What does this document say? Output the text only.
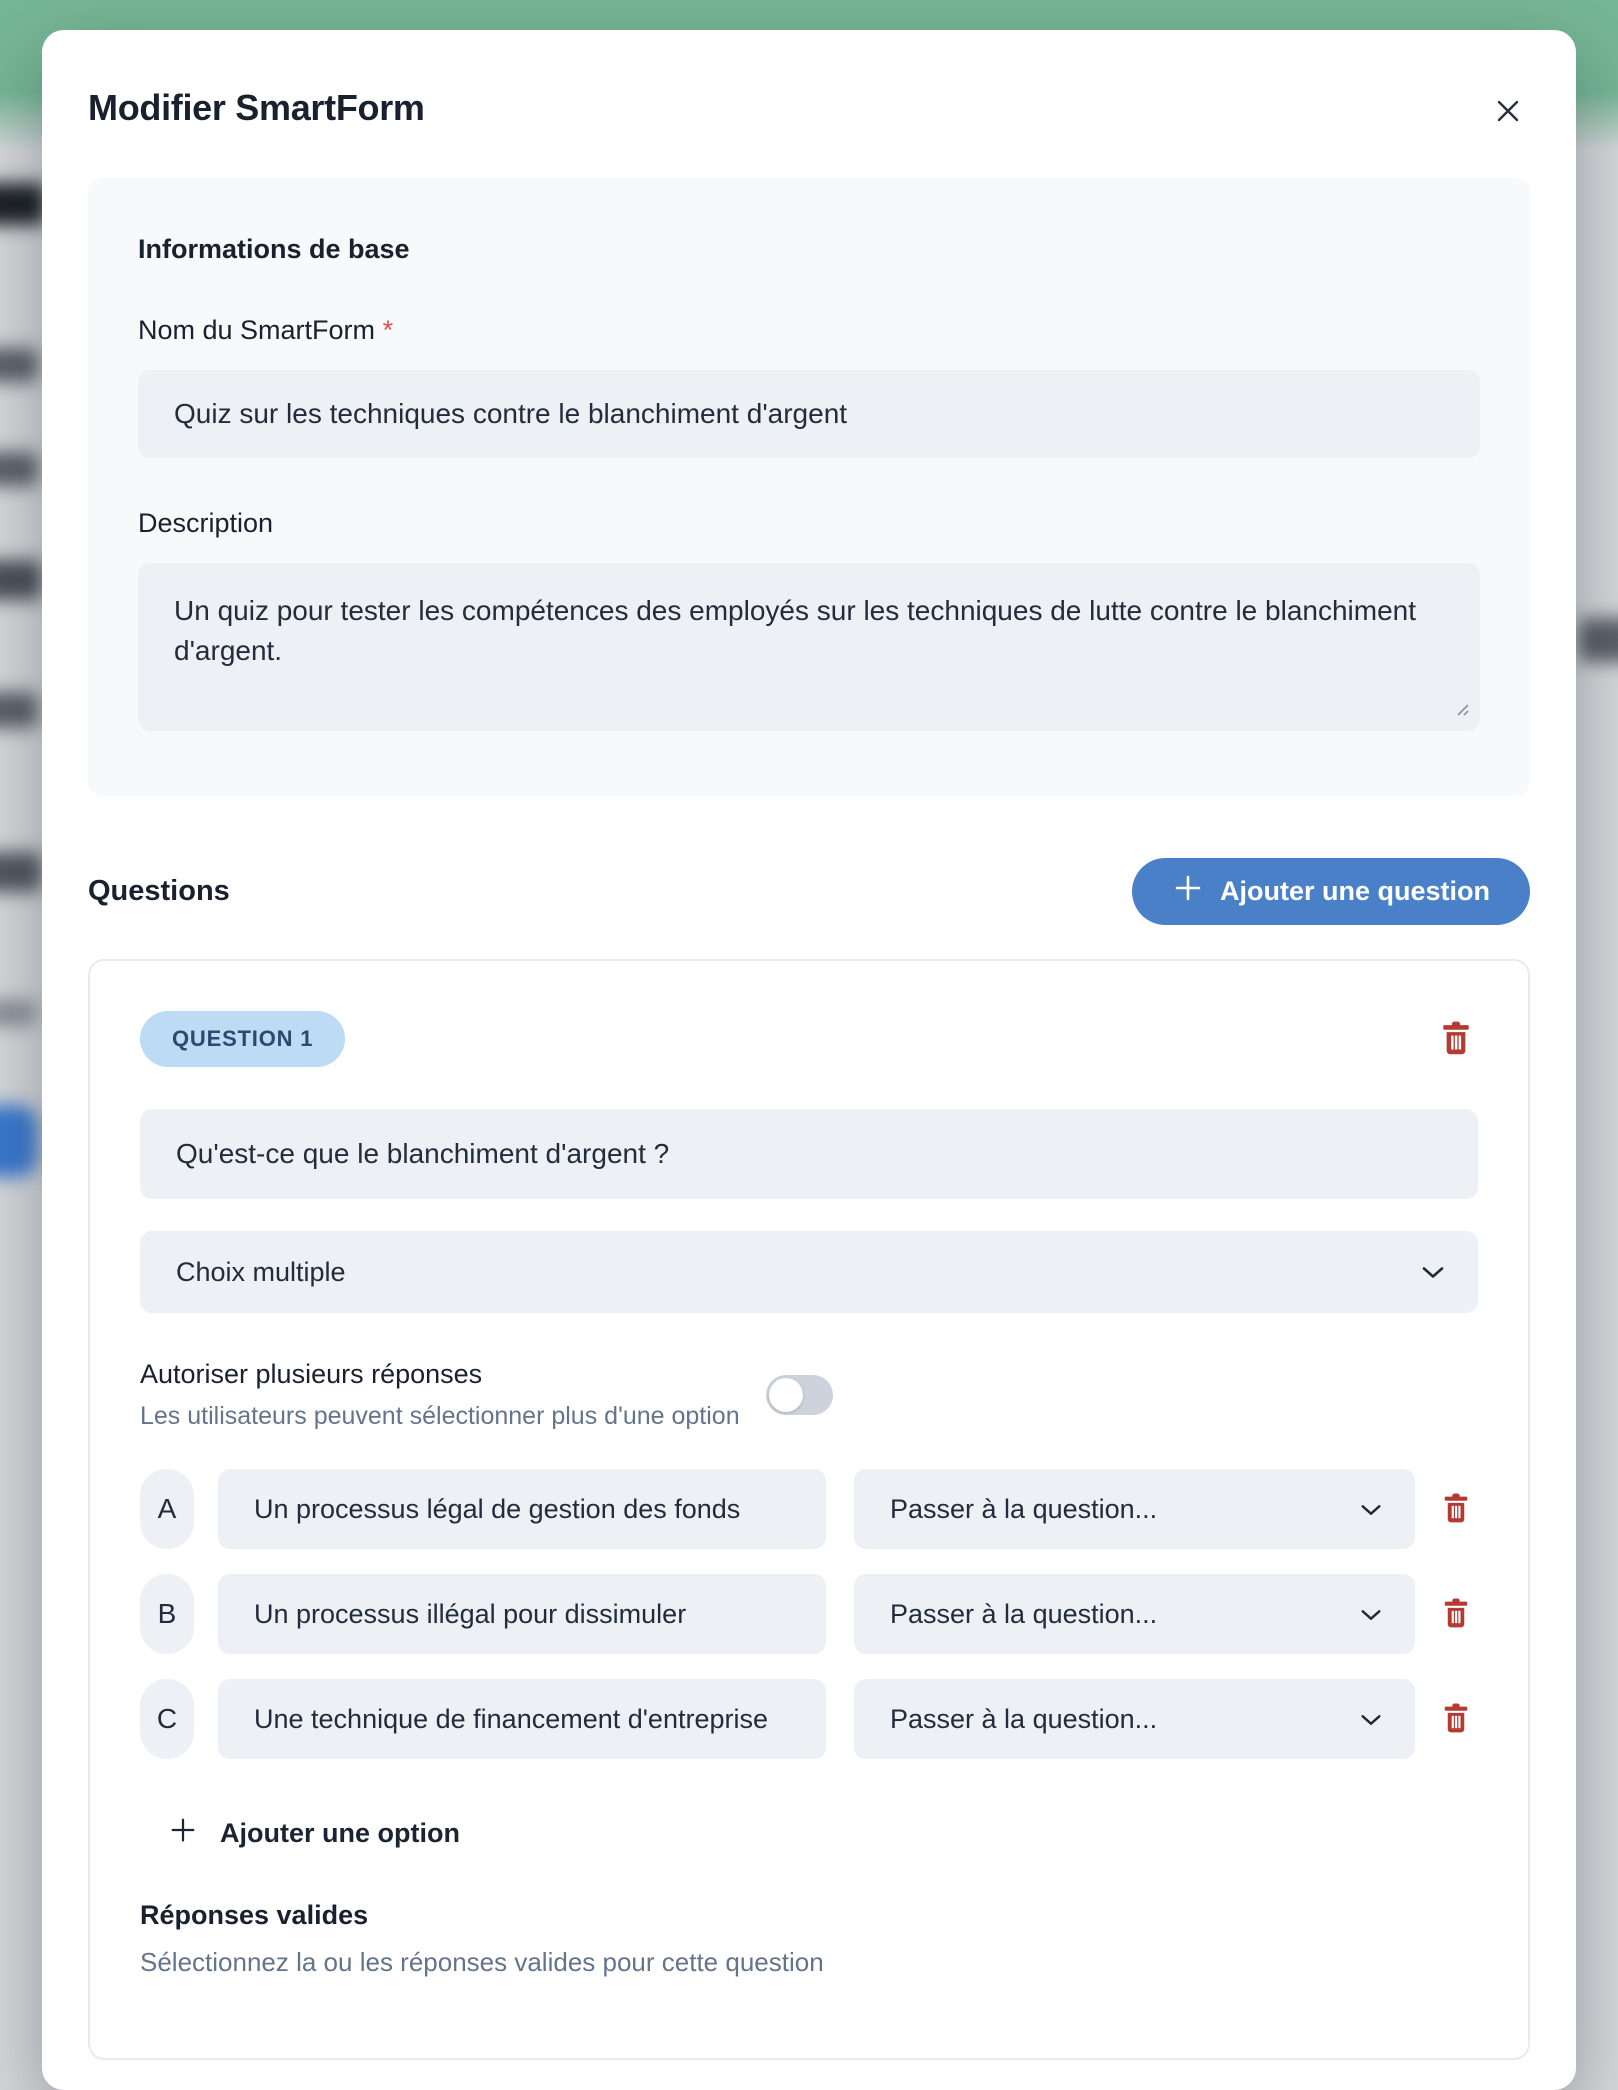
Modifier SmartForm
Informations de base
Nom du SmartForm *
Quiz sur les techniques contre le blanchiment d'argent
Description
Un quiz pour tester les compétences des employés sur les techniques de lutte contre le blanchiment d'argent.
Questions	Ajouter une question
QUESTION 1
Qu'est-ce que le blanchiment d'argent ?
Choix multiple
Autoriser plusieurs réponses
Les utilisateurs peuvent sélectionner plus d'une option
A
Un processus légal de gestion des fonds	Passer à la question...
B
Un processus illégal pour dissimuler	Passer à la question...
C
Une technique de financement d'entreprise	Passer à la question...
Ajouter une option
Réponses valides
Sélectionnez la ou les réponses valides pour cette question
